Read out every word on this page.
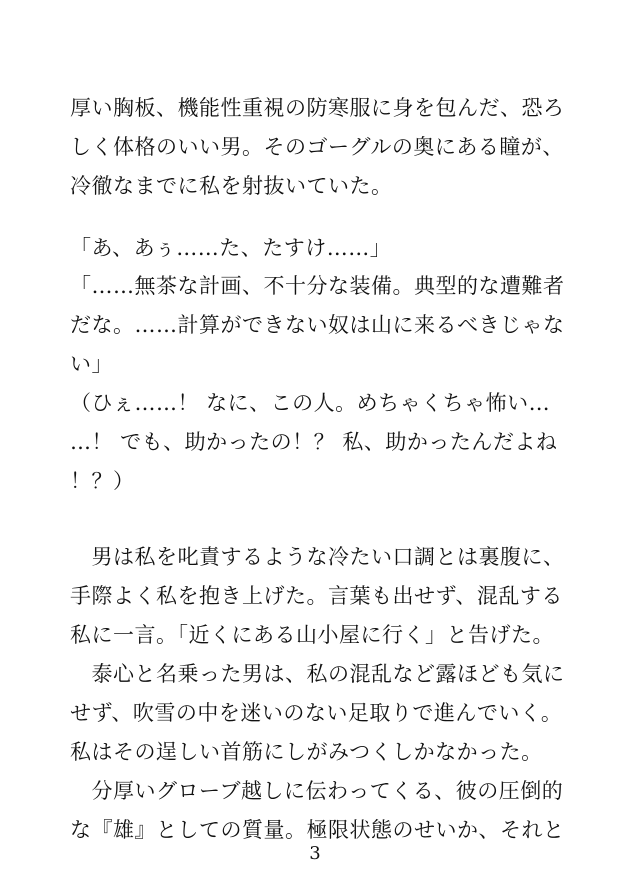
厚い胸板、機能性重視の防寒服に身を包んだ、恐ろ
しく体格のいい男。そのゴーグルの奥にある瞳が、
冷徹なまでに私を射抜いていた。
「あ、あぅ……た、たすけ……」
「……無茶な計画、不十分な装備。典型的な遭難者
だな。……計算ができない奴は山に来るべきじゃな
い」
（ひぇ……！ なに、この人。めちゃくちゃ怖い…
…！ でも、助かったの！？ 私、助かったんだよね
！？）
　男は私を叱責するような冷たい口調とは裏腹に、
手際よく私を抱き上げた。言葉も出せず、混乱する
私に一言。「近くにある山小屋に行く」と告げた。
　泰心と名乗った男は、私の混乱など露ほども気に
せず、吹雪の中を迷いのない足取りで進んでいく。
私はその逞しい首筋にしがみつくしかなかった。
　分厚いグローブ越しに伝わってくる、彼の圧倒的
な『雄』としての質量。極限状態のせいか、それと
3
